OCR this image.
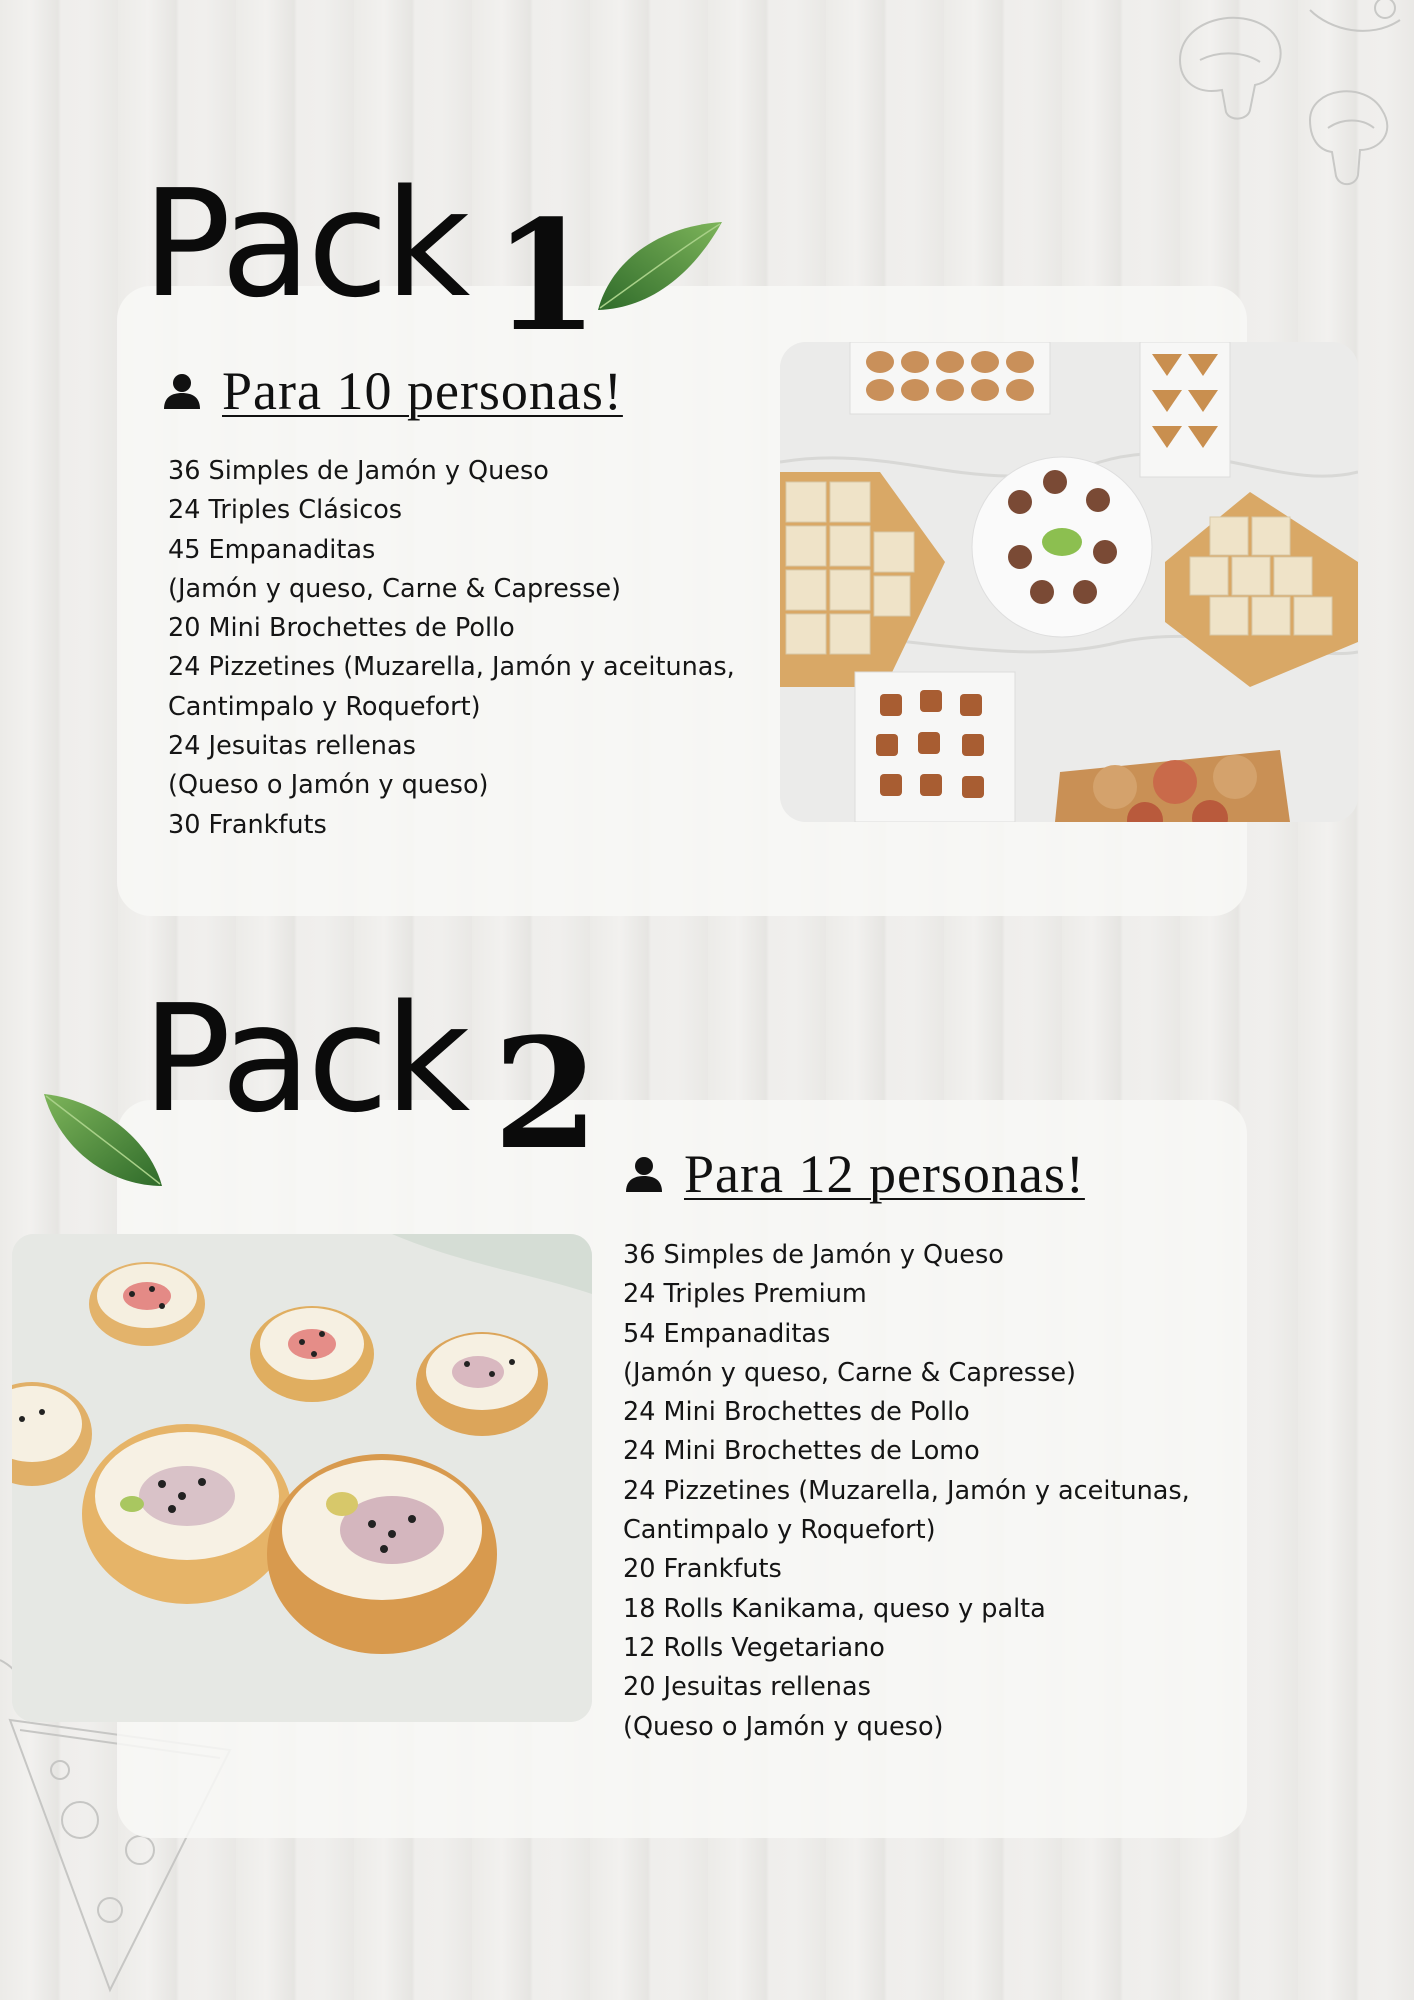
Pack 1
Para 10 personas!
36 Simples de Jamón y Queso
24 Triples Clásicos
45 Empanaditas
(Jamón y queso, Carne & Capresse)
20 Mini Brochettes de Pollo
24 Pizzetines (Muzarella, Jamón y aceitunas,
Cantimpalo y Roquefort)
24 Jesuitas rellenas
(Queso o Jamón y queso)
30 Frankfuts
Pack 2 Para 12 personas!
36 Simples de Jamón y Queso
24 Triples Premium
54 Empanaditas
(Jamón y queso, Carne & Capresse)
24 Mini Brochettes de Pollo
24 Mini Brochettes de Lomo
24 Pizzetines (Muzarella, Jamón y aceitunas,
Cantimpalo y Roquefort)
20 Frankfuts
18 Rolls Kanikama, queso y palta
12 Rolls Vegetariano
20 Jesuitas rellenas
(Queso o Jamón y queso)
